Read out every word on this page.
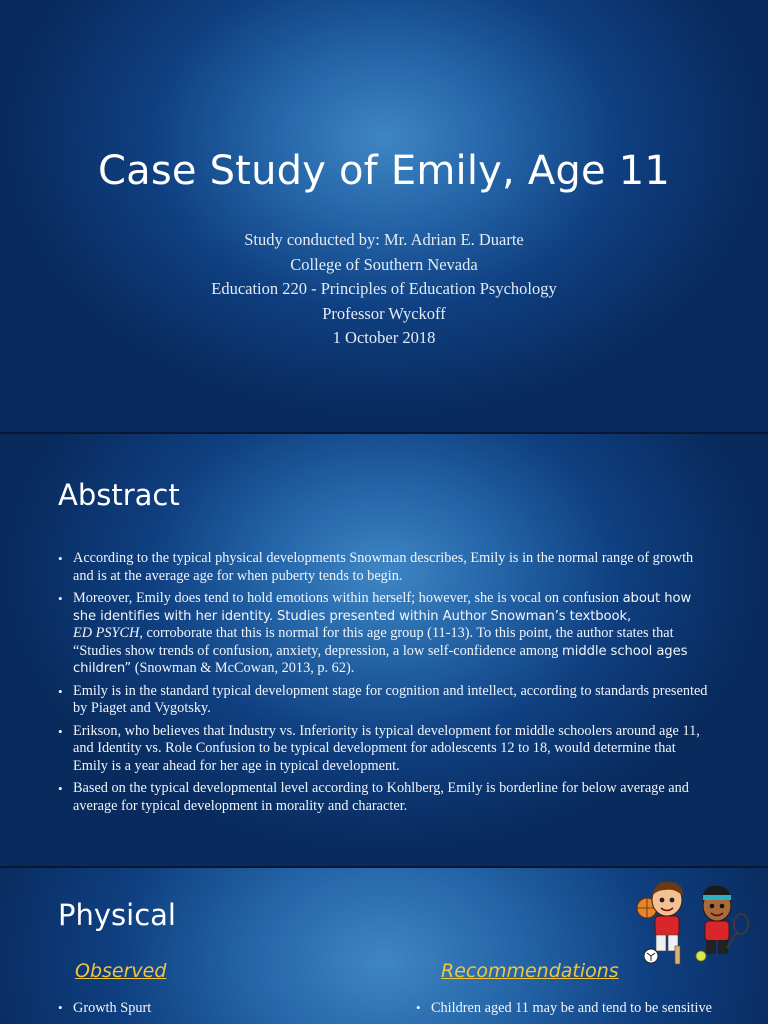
Case Study of Emily, Age 11
Study conducted by: Mr. Adrian E. Duarte
College of Southern Nevada
Education 220 - Principles of Education Psychology
Professor Wyckoff
1 October 2018
Abstract
• According to the typical physical developments Snowman describes, Emily is in the normal range of growth and is at the average age for when puberty tends to begin.
• Moreover, Emily does tend to hold emotions within herself; however, she is vocal on confusion about how she identifies with her identity. Studies presented within Author Snowman’s textbook,
ED PSYCH, corroborate that this is normal for this age group (11-13). To this point, the author states that “Studies show trends of confusion, anxiety, depression, a low self-confidence among middle school ages children” (Snowman & McCowan, 2013, p. 62).
• Emily is in the standard typical development stage for cognition and intellect, according to standards presented by Piaget and Vygotsky.
• Erikson, who believes that Industry vs. Inferiority is typical development for middle schoolers around age 11, and Identity vs. Role Confusion to be typical development for adolescents 12 to 18, would determine that Emily is a year ahead for her age in typical development.
• Based on the typical developmental level according to Kohlberg, Emily is borderline for below average and average for typical development in morality and character.
Physical
Observed	Recommendations
• Growth Spurt
•	Children aged 11 may be and tend to be sensitive
